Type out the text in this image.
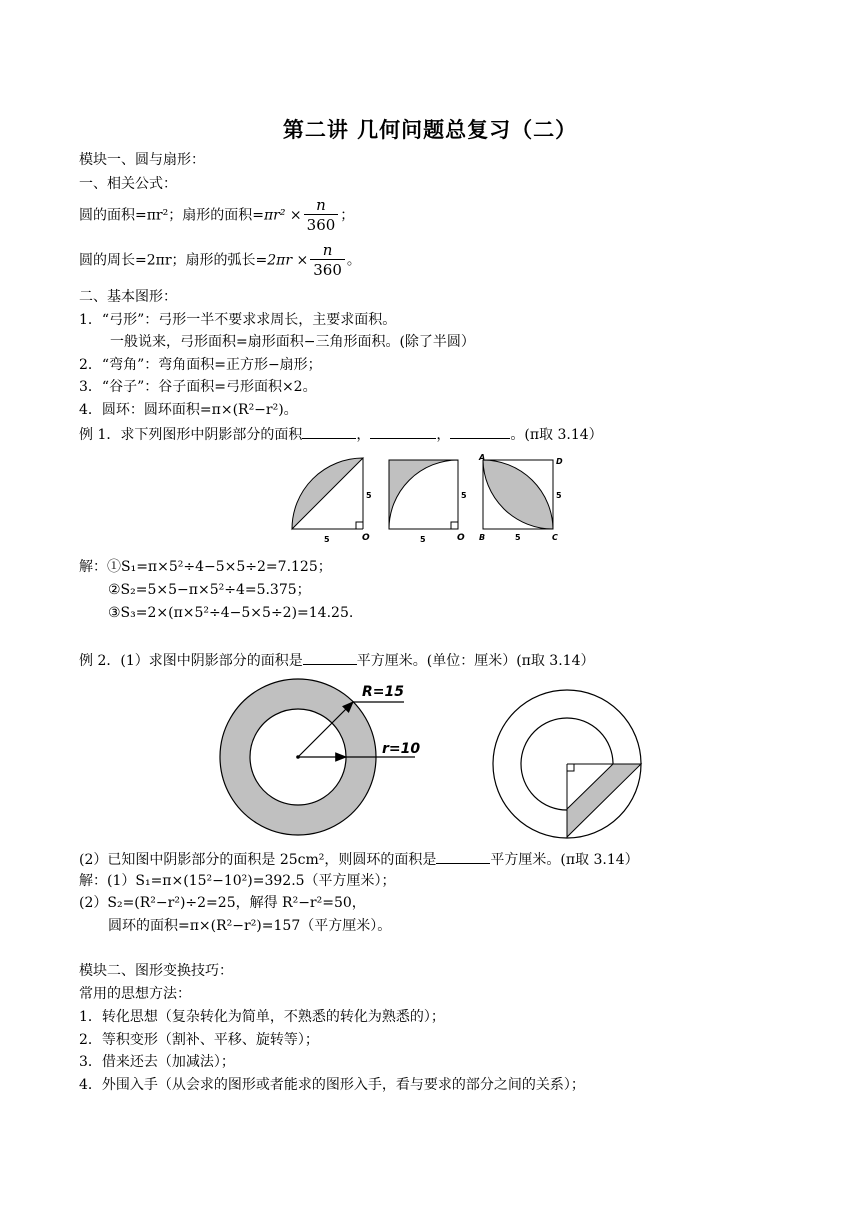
第二讲 几何问题总复习（二）
模块一、圆与扇形：
一、相关公式：
圆的面积=πr²；扇形的面积$=\pi r^2 \times \frac{n}{360}$ ；
圆的周长=2πr；扇形的弧长$=2\pi r \times \frac{n}{360}$ 。
二、基本图形：
1．“弓形”：弓形一半不要求求周长，主要求面积。
一般说来，弓形面积=扇形面积−三角形面积。(除了半圆）
2．“弯角”：弯角面积=正方形−扇形；
3．“谷子”：谷子面积=弓形面积×2。
4．圆环：圆环面积=π×(R²−r²)。
例 1．求下列图形中阴影部分的面积	，	，	。(π取 3.14）
5
5	O
5
5	O
A	D
B	C
5
5
解：①S₁=π×5²÷4−5×5÷2=7.125；
②S₂=5×5−π×5²÷4=5.375；
③S₃=2×(π×5²÷4−5×5÷2)=14.25.
例 2．(1）求图中阴影部分的面积是	平方厘米。(单位：厘米）(π取 3.14）
R=15
r=10
(2）已知图中阴影部分的面积是 25cm²，则圆环的面积是	平方厘米。(π取 3.14）
解：(1）S₁=π×(15²−10²)=392.5（平方厘米）；
(2）S₂=(R²−r²)÷2=25，解得 R²−r²=50，
圆环的面积=π×(R²−r²)=157（平方厘米）。
模块二、图形变换技巧：
常用的思想方法：
1．转化思想（复杂转化为简单，不熟悉的转化为熟悉的）；
2．等积变形（割补、平移、旋转等）；
3．借来还去（加减法）；
4．外围入手（从会求的图形或者能求的图形入手，看与要求的部分之间的关系）；
